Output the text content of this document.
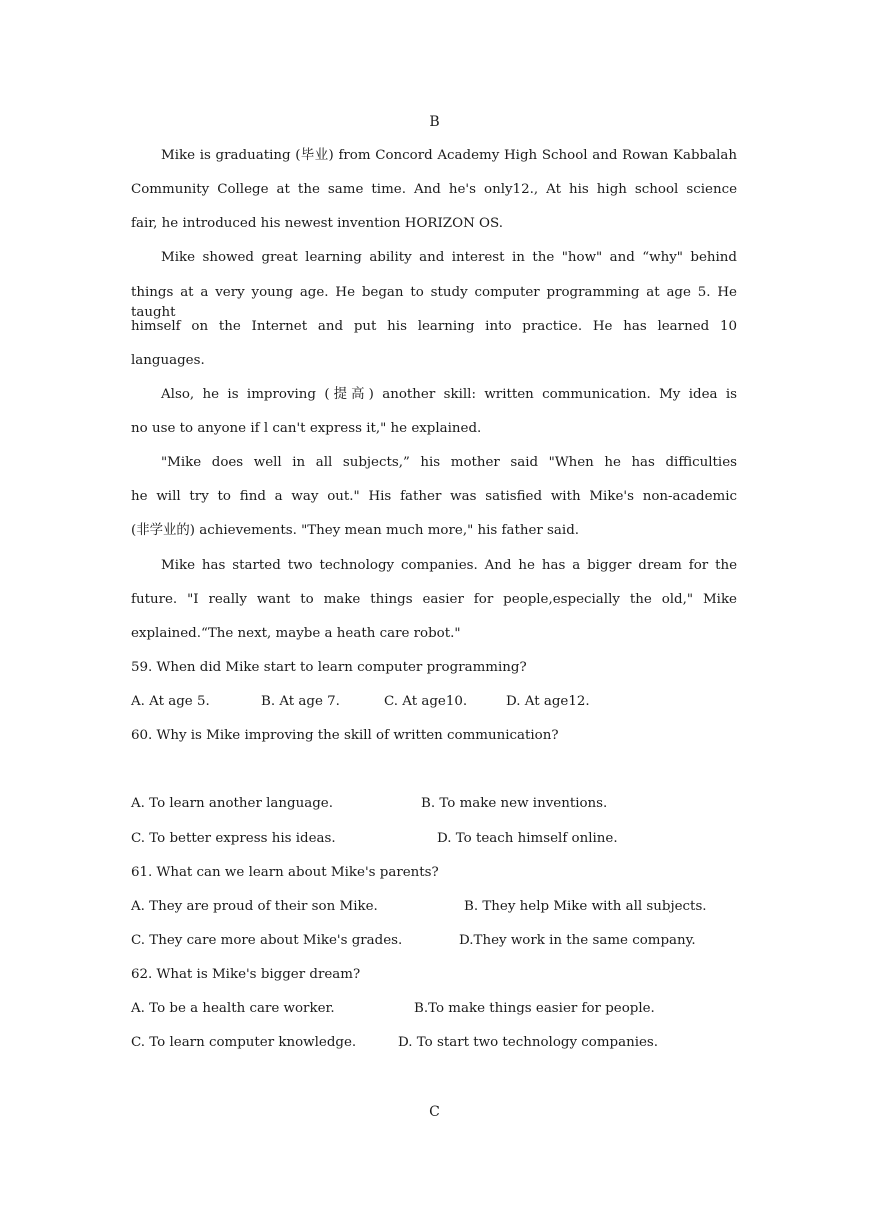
B
Mike is graduating (毕业) from Concord Academy High School and Rowan Kabbalah
Community College at the same time. And he's only12., At his high school science
fair, he introduced his newest invention HORIZON OS.
Mike showed great learning ability and interest in the "how" and “why" behind
things at a very young age. He began to study computer programming at age 5. He taught
himself on the Internet and put his learning into practice. He has learned 10
languages.
Also, he is improving (提高) another skill: written communication. My idea is
no use to anyone if l can't express it," he explained.
"Mike does well in all subjects,” his mother said "When he has difficulties
he will try to find a way out." His father was satisfied with Mike's non-academic
(非学业的) achievements. "They mean much more," his father said.
Mike has started two technology companies. And he has a bigger dream for the
future. "I really want to make things easier for people,especially the old," Mike
explained.“The next, maybe a heath care robot."
59. When did Mike start to learn computer programming?
A. At age 5.	B. At age 7.	C. At age10.	D. At age12.
60. Why is Mike improving the skill of written communication?
A. To learn another language.	B. To make new inventions.
C. To better express his ideas.	D. To teach himself online.
61. What can we learn about Mike's parents?
A. They are proud of their son Mike.	B. They help Mike with all subjects.
C. They care more about Mike's grades.	D.They work in the same company.
62. What is Mike's bigger dream?
A. To be a health care worker.	B.To make things easier for people.
C. To learn computer knowledge.	D. To start two technology companies.
C
